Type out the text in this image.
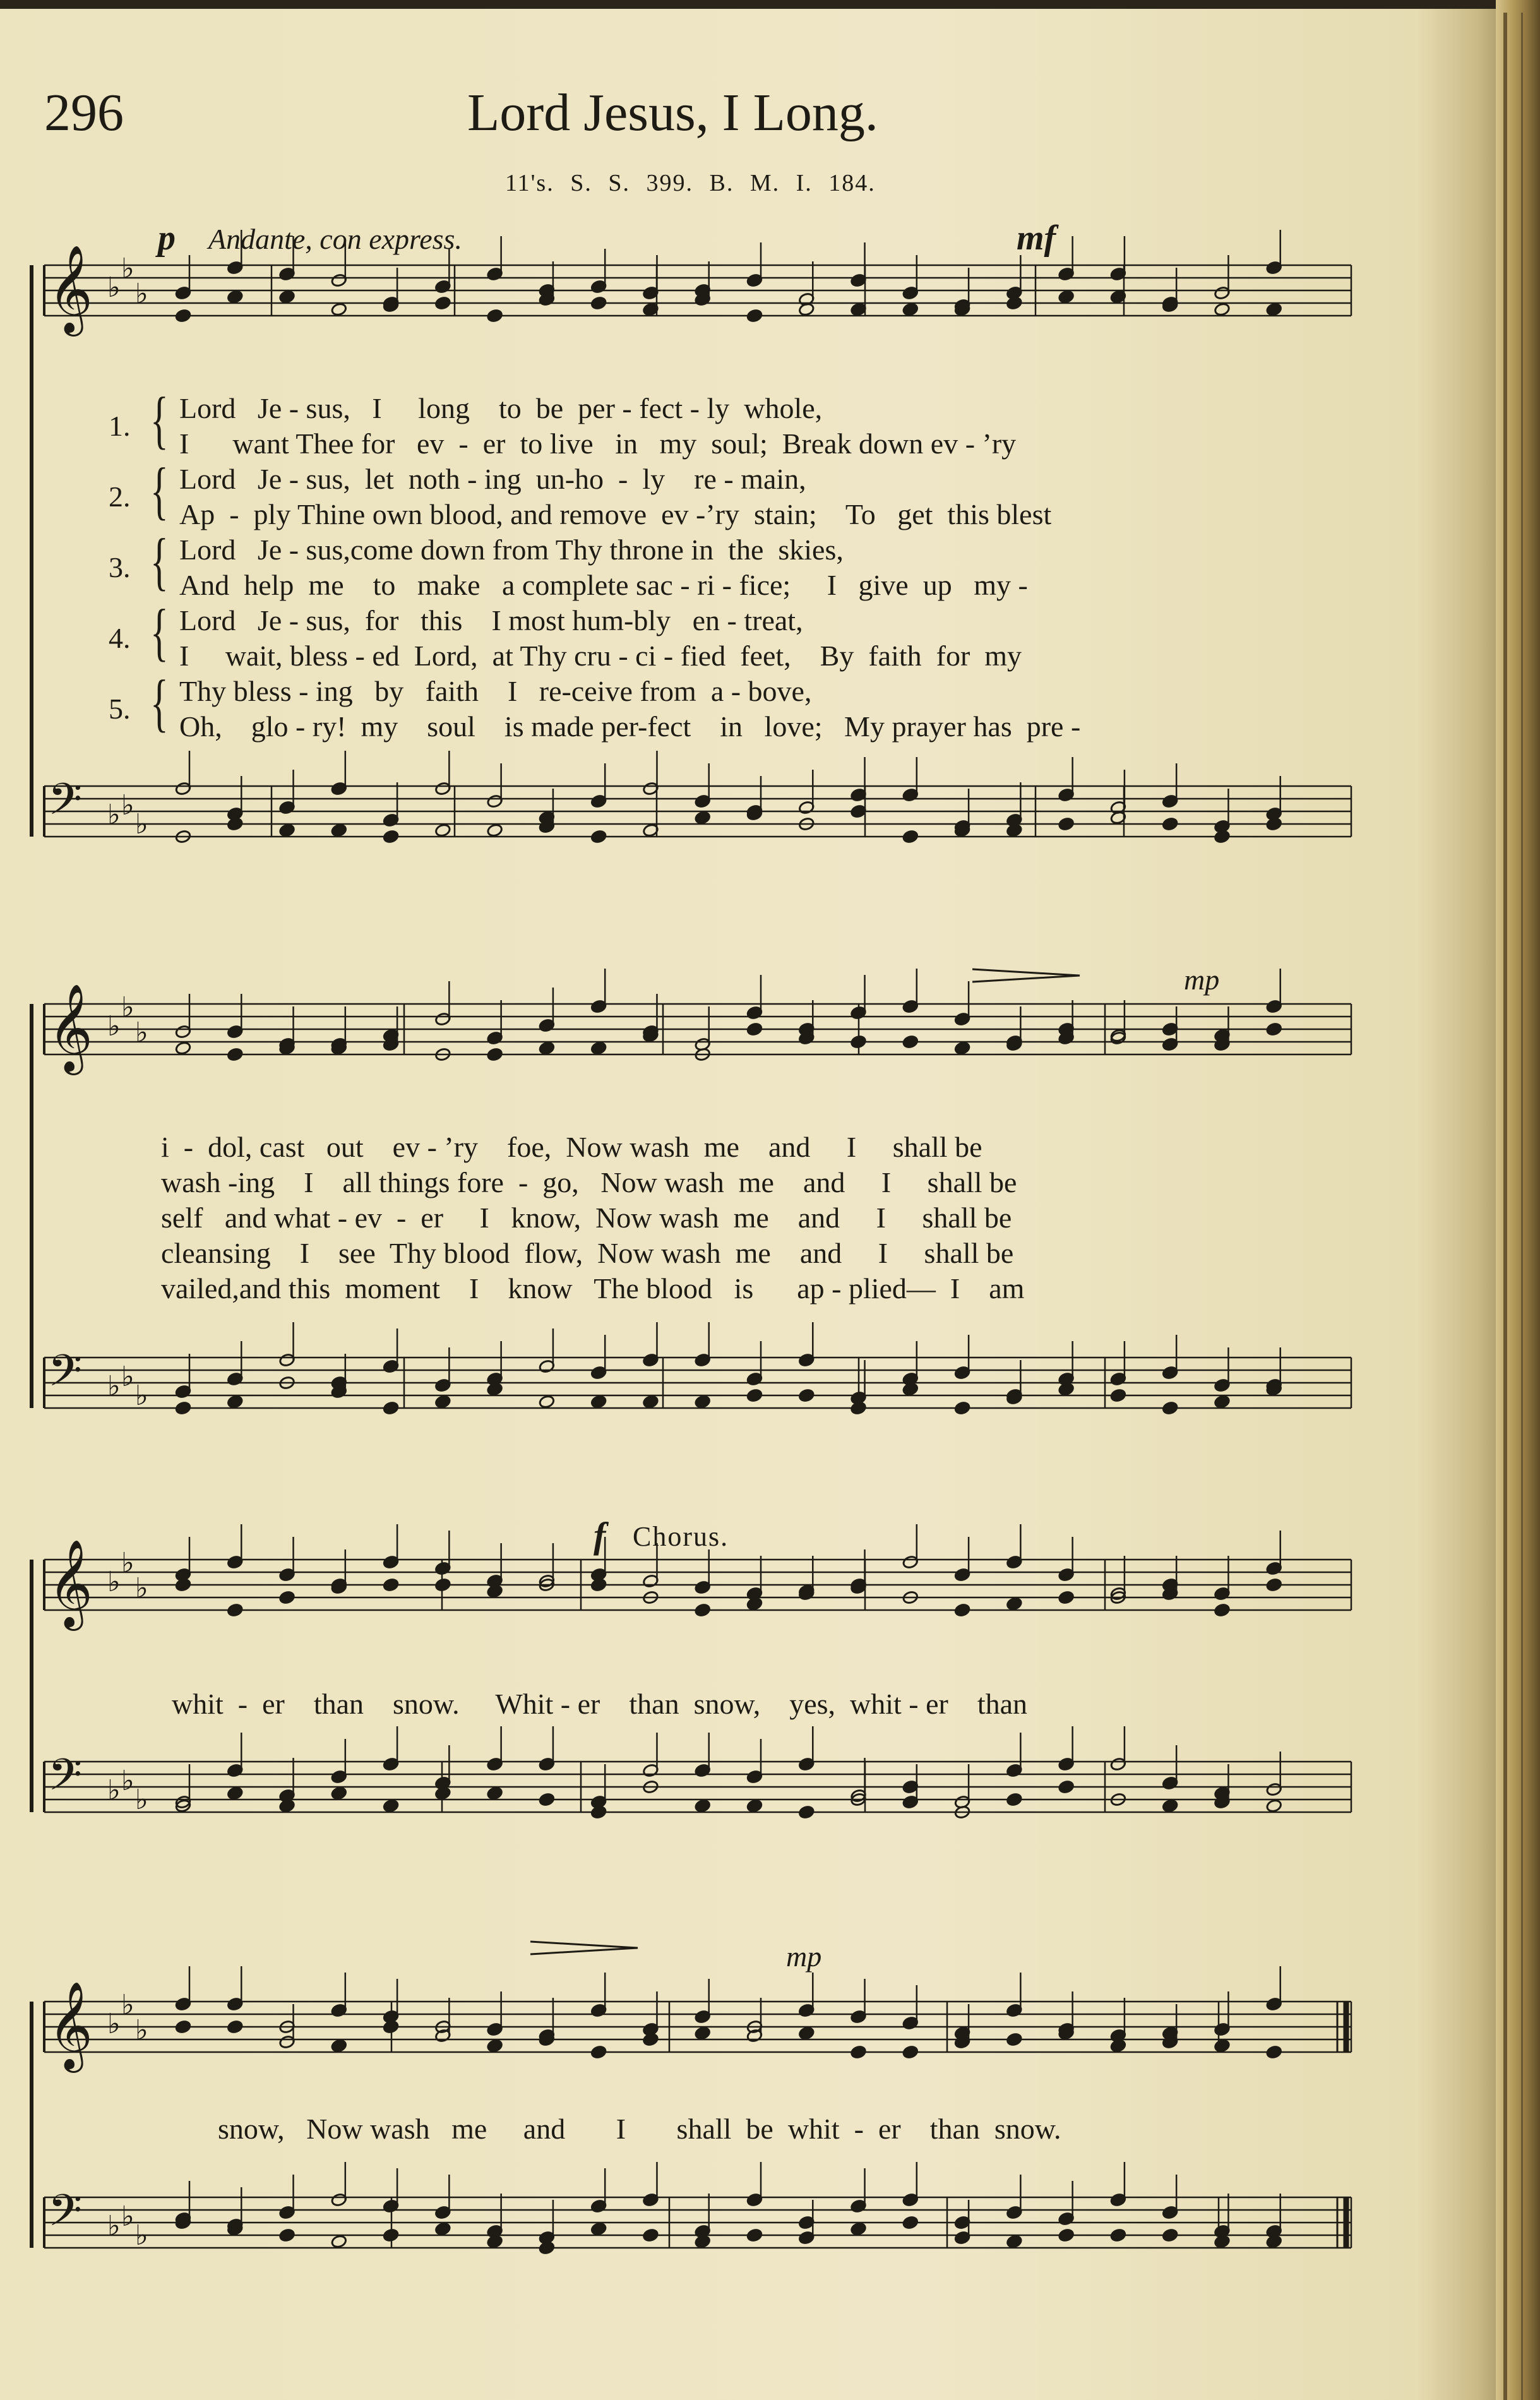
296	Lord Jesus, I Long.
11's. S. S. 399. B. M. I. 184.
p Andante, con express.	mf
𝄞 ♭
♭
♭
𝄢 ♭ ♭
♭
𝄞 ♭
♭
♭
𝄢 ♭ ♭
♭
𝄞 ♭
♭
♭
𝄢 ♭ ♭
♭
𝄞 ♭
♭
♭
𝄢 ♭ ♭
♭
1. { Lord   Je - sus,   I     long    to  be  per - fect - ly  whole,
I      want Thee for   ev  -  er  to live   in   my  soul;  Break down ev - ’ry
2. { Lord   Je - sus,  let  noth - ing  un-ho  -  ly    re - main,
Ap  -  ply Thine own blood, and remove  ev -’ry  stain;    To   get  this blest
3. { Lord   Je - sus,come down from Thy throne in  the  skies,
And  help  me    to   make   a complete sac - ri - fice;     I   give  up   my -
4. { Lord   Je - sus,  for   this    I most hum-bly   en - treat,
I     wait, bless - ed  Lord,  at Thy cru - ci - fied  feet,    By  faith  for  my
5. { Thy bless - ing   by   faith    I   re-ceive from  a - bove,
Oh,    glo - ry!  my    soul    is made per-fect    in   love;   My prayer has  pre -
i  -  dol, cast   out    ev - ’ry    foe,  Now wash  me    and     I     shall be
wash -ing    I    all things fore  -  go,   Now wash  me    and     I     shall be
self   and what - ev  -  er     I   know,  Now wash  me    and     I     shall be
cleansing    I    see  Thy blood  flow,  Now wash  me    and     I     shall be
vailed,and this  moment    I    know   The blood   is      ap - plied—  I    am
mp
f Chorus.
whit  -  er    than    snow.     Whit - er    than  snow,    yes,  whit - er    than
mp
snow,   Now wash   me     and       I       shall  be  whit  -  er    than  snow.
